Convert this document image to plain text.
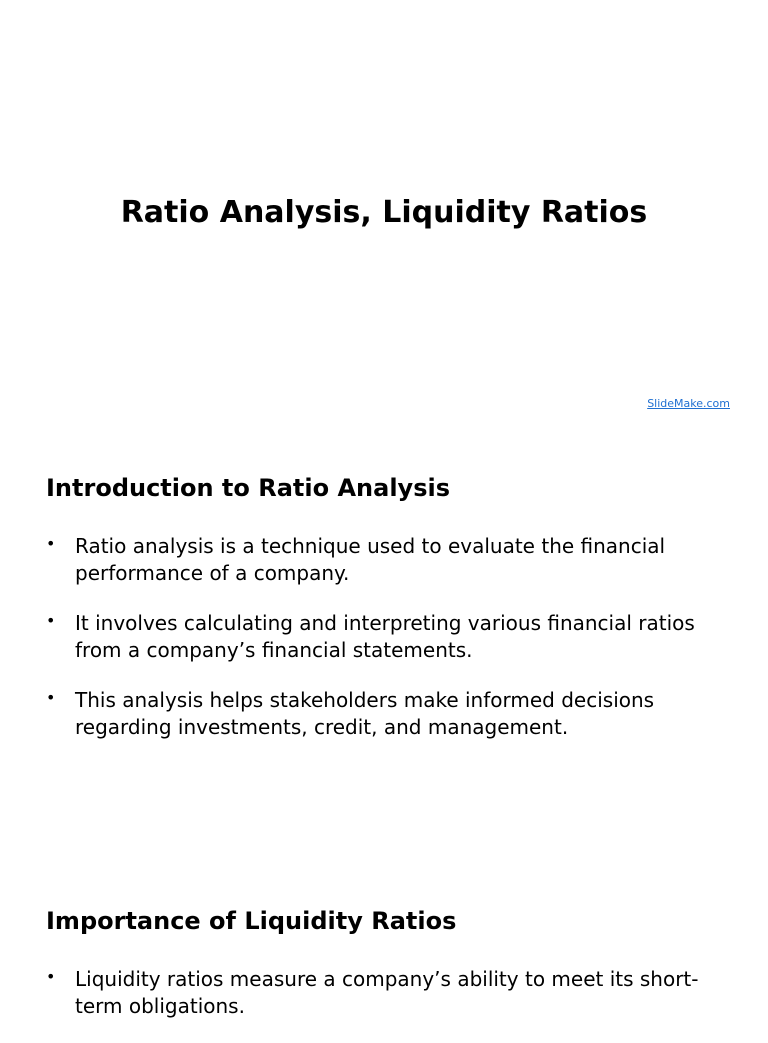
Ratio Analysis, Liquidity Ratios
SlideMake.com
Introduction to Ratio Analysis
• Ratio analysis is a technique used to evaluate the financial performance of a company.
• It involves calculating and interpreting various financial ratios from a company’s financial statements.
• This analysis helps stakeholders make informed decisions regarding investments, credit, and management.
Importance of Liquidity Ratios
• Liquidity ratios measure a company’s ability to meet its short-term obligations.
